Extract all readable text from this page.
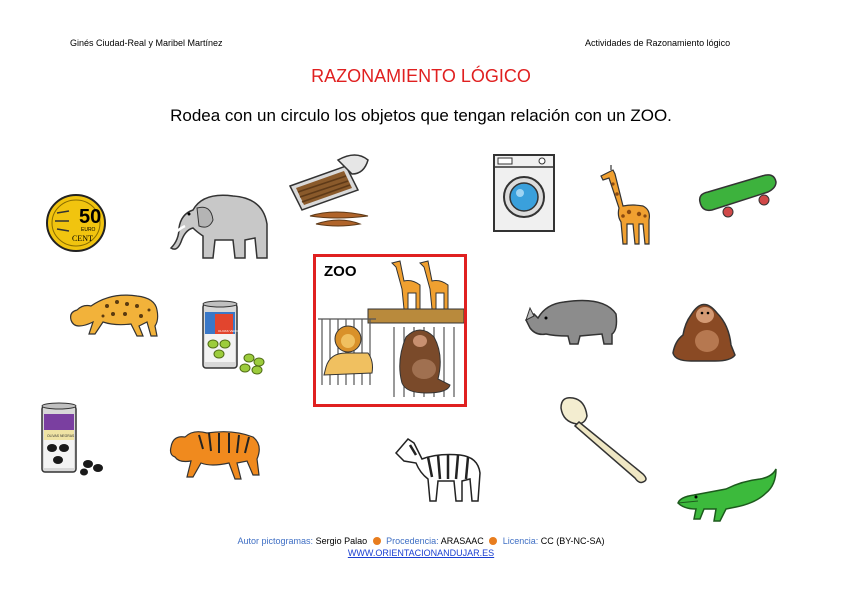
Ginés Ciudad-Real y Maribel Martínez	Actividades de Razonamiento lógico
RAZONAMIENTO LÓGICO
Rodea con un circulo los objetos que tengan relación con un ZOO.
50
EURO
CENT
OLIVAS VERDES
ZOO
OLIVAS NEGRAS
Autor pictogramas: Sergio Palao Procedencia: ARASAAC Licencia: CC (BY-NC-SA)
WWW.ORIENTACIONANDUJAR.ES
